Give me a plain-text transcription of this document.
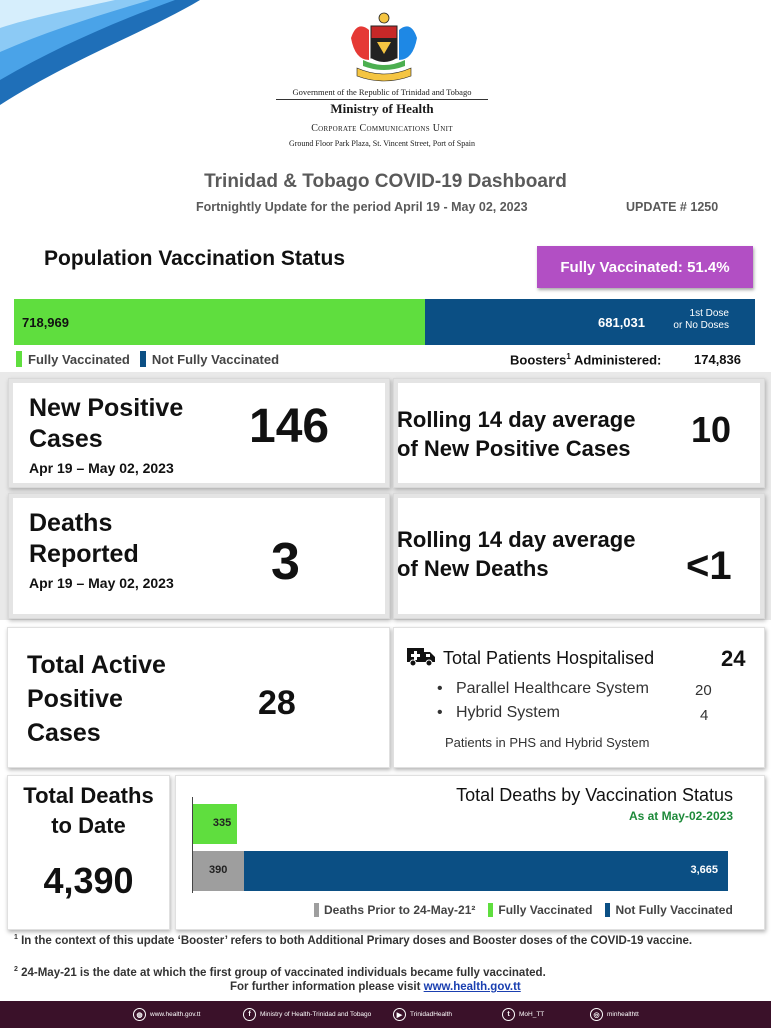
Government of the Republic of Trinidad and Tobago
Ministry of Health
Corporate Communications Unit
Ground Floor Park Plaza, St. Vincent Street, Port of Spain
Trinidad & Tobago COVID-19 Dashboard
Fortnightly Update for the period April 19 - May 02, 2023	UPDATE # 1250
Population Vaccination Status	Fully Vaccinated: 51.4%
718,969	681,031
1st Dose
or No Doses
Fully Vaccinated Not Fully Vaccinated	Boosters$^1$ Administered:	174,836
New Positive
Cases
Apr 19 – May 02, 2023
146	Rolling 14 day average
of New Positive Cases 10
Deaths
Reported
Apr 19 – May 02, 2023 3	Rolling 14 day average
of New Deaths	<1
Total Active
Positive
Cases
28
Total Patients Hospitalised	24
•   Parallel Healthcare System	20
•   Hybrid System	4
Patients in PHS and Hybrid System
Total Deaths
to Date
4,390
Total Deaths by Vaccination Status
As at May-02-2023
335
390	3,665
Deaths Prior to 24-May-21² Fully Vaccinated Not Fully Vaccinated
$^1$ In the context of this update ‘Booster’ refers to both Additional Primary doses and Booster doses of the COVID-19 vaccine.
$^2$ 24-May-21 is the date at which the first group of vaccinated individuals became fully vaccinated.
For further information please visit www.health.gov.tt
◍	www.health.gov.tt	f	Ministry of Health-Trinidad and Tobago	▶	TrinidadHealth	t	MoH_TT	◎	minhealthtt
